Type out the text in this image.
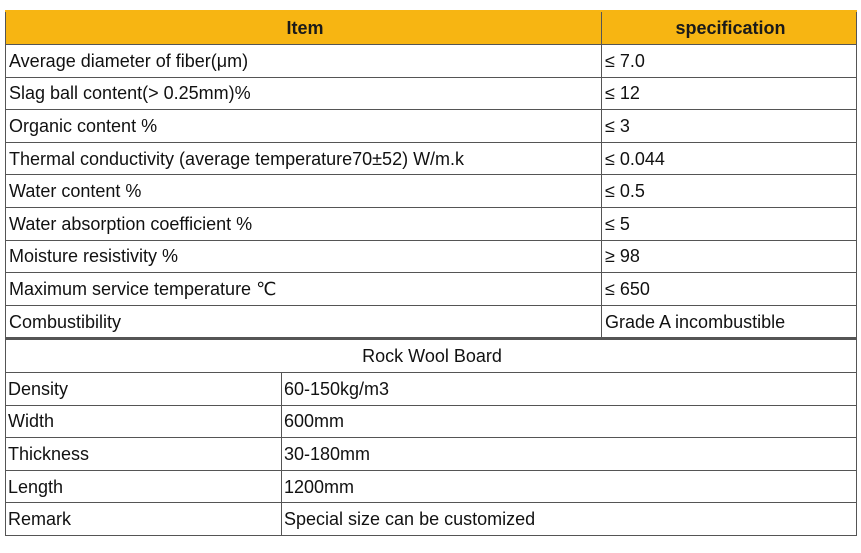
Item	specification
Average diameter of fiber(μm)	≤ 7.0
Slag ball content(> 0.25mm)%	≤ 12
Organic content %	≤ 3
Thermal conductivity (average temperature70±52) W/m.k	≤ 0.044
Water content %	≤ 0.5
Water absorption coefficient %	≤ 5
Moisture resistivity %	≥ 98
Maximum service temperature ℃	≤ 650
Combustibility	Grade A incombustible
Rock Wool Board	
Density	60-150kg/m3
Width	600mm
Thickness	30-180mm
Length	1200mm
Remark	Special size can be customized
